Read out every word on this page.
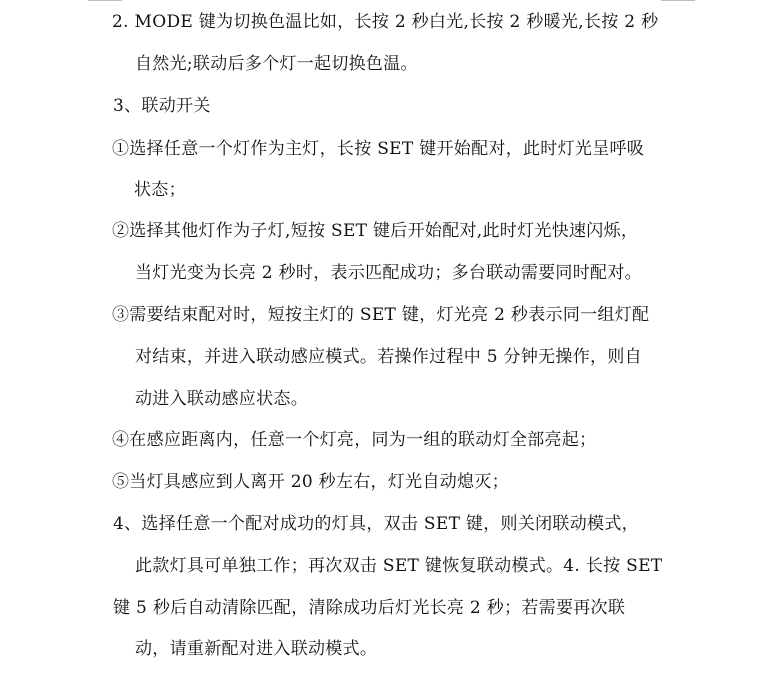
2. MODE 键为切换色温比如，长按 2 秒白光,长按 2 秒暖光,长按 2 秒
自然光;联动后多个灯一起切换色温。
3、联动开关
①选择任意一个灯作为主灯，长按 SET 键开始配对，此时灯光呈呼吸
状态；
②选择其他灯作为子灯,短按 SET 键后开始配对,此时灯光快速闪烁，
当灯光变为长亮 2 秒时，表示匹配成功；多台联动需要同时配对。
③需要结束配对时，短按主灯的 SET 键，灯光亮 2 秒表示同一组灯配
对结束，并进入联动感应模式。若操作过程中 5 分钟无操作，则自
动进入联动感应状态。
④在感应距离内，任意一个灯亮，同为一组的联动灯全部亮起；
⑤当灯具感应到人离开 20 秒左右，灯光自动熄灭；
4、选择任意一个配对成功的灯具，双击 SET 键，则关闭联动模式，
此款灯具可单独工作；再次双击 SET 键恢复联动模式。4. 长按 SET
键 5 秒后自动清除匹配，清除成功后灯光长亮 2 秒；若需要再次联
动，请重新配对进入联动模式。
